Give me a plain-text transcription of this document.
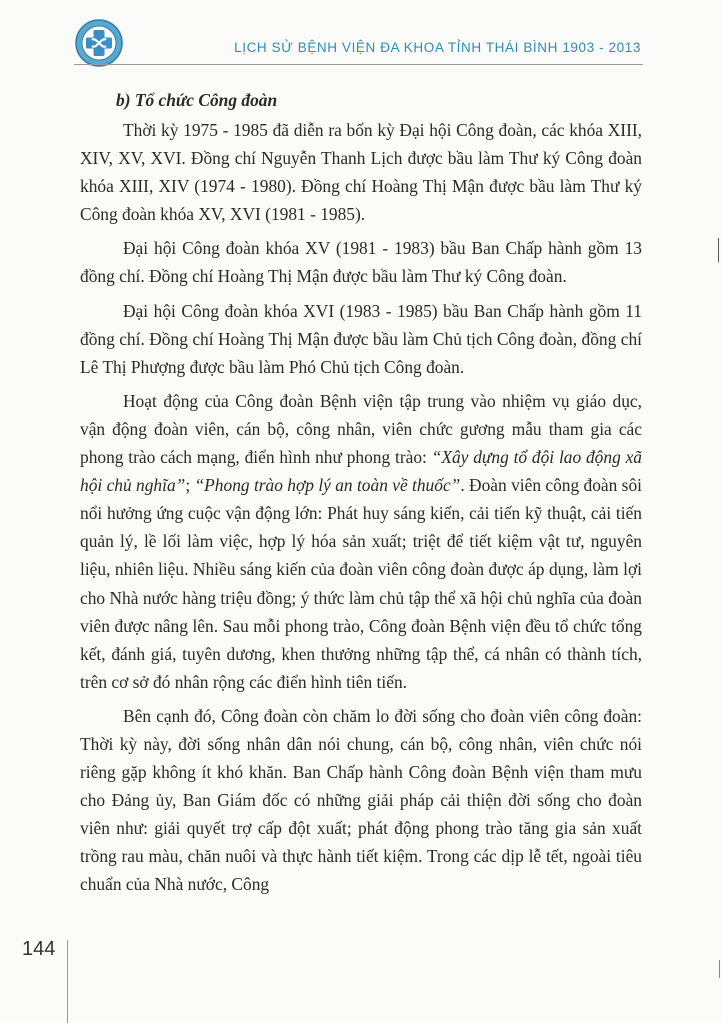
LỊCH SỬ BỆNH VIỆN ĐA KHOA TỈNH THÁI BÌNH 1903 - 2013

b) Tổ chức Công đoàn

Thời kỳ 1975 - 1985 đã diễn ra bốn kỳ Đại hội Công đoàn, các khóa XIII, XIV, XV, XVI. Đồng chí Nguyễn Thanh Lịch được bầu làm Thư ký Công đoàn khóa XIII, XIV (1974 - 1980). Đồng chí Hoàng Thị Mận được bầu làm Thư ký Công đoàn khóa XV, XVI (1981 - 1985).

Đại hội Công đoàn khóa XV (1981 - 1983) bầu Ban Chấp hành gồm 13 đồng chí. Đồng chí Hoàng Thị Mận được bầu làm Thư ký Công đoàn.

Đại hội Công đoàn khóa XVI (1983 - 1985) bầu Ban Chấp hành gồm 11 đồng chí. Đồng chí Hoàng Thị Mận được bầu làm Chủ tịch Công đoàn, đồng chí Lê Thị Phượng được bầu làm Phó Chủ tịch Công đoàn.

Hoạt động của Công đoàn Bệnh viện tập trung vào nhiệm vụ giáo dục, vận động đoàn viên, cán bộ, công nhân, viên chức gương mẫu tham gia các phong trào cách mạng, điển hình như phong trào: “Xây dựng tổ đội lao động xã hội chủ nghĩa”; “Phong trào hợp lý an toàn về thuốc”. Đoàn viên công đoàn sôi nổi hưởng ứng cuộc vận động lớn: Phát huy sáng kiến, cải tiến kỹ thuật, cải tiến quản lý, lề lối làm việc, hợp lý hóa sản xuất; triệt để tiết kiệm vật tư, nguyên liệu, nhiên liệu. Nhiều sáng kiến của đoàn viên công đoàn được áp dụng, làm lợi cho Nhà nước hàng triệu đồng; ý thức làm chủ tập thể xã hội chủ nghĩa của đoàn viên được nâng lên. Sau mỗi phong trào, Công đoàn Bệnh viện đều tổ chức tổng kết, đánh giá, tuyên dương, khen thưởng những tập thể, cá nhân có thành tích, trên cơ sở đó nhân rộng các điển hình tiên tiến.

Bên cạnh đó, Công đoàn còn chăm lo đời sống cho đoàn viên công đoàn: Thời kỳ này, đời sống nhân dân nói chung, cán bộ, công nhân, viên chức nói riêng gặp không ít khó khăn. Ban Chấp hành Công đoàn Bệnh viện tham mưu cho Đảng ủy, Ban Giám đốc có những giải pháp cải thiện đời sống cho đoàn viên như: giải quyết trợ cấp đột xuất; phát động phong trào tăng gia sản xuất trồng rau màu, chăn nuôi và thực hành tiết kiệm. Trong các dịp lễ tết, ngoài tiêu chuẩn của Nhà nước, Công

144
